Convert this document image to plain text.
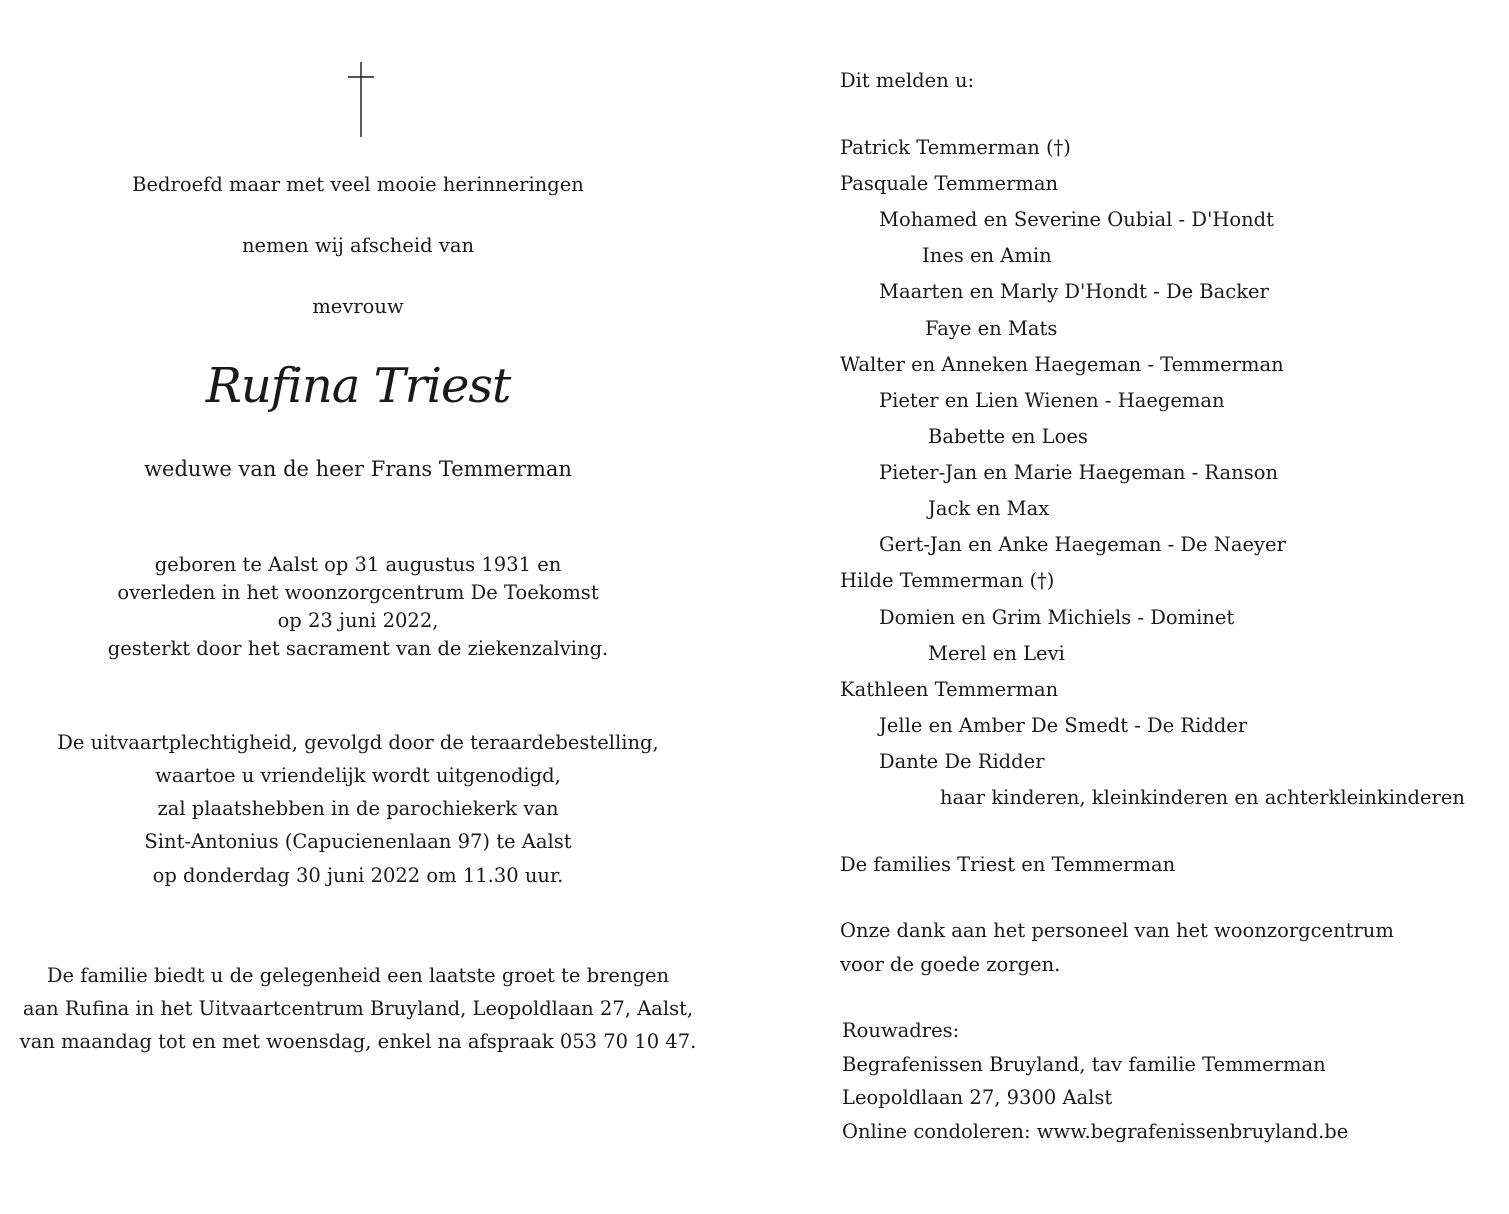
Bedroefd maar met veel mooie herinneringen
nemen wij afscheid van
mevrouw
Rufina Triest
weduwe van de heer Frans Temmerman
geboren te Aalst op 31 augustus 1931 en
overleden in het woonzorgcentrum De Toekomst
op 23 juni 2022,
gesterkt door het sacrament van de ziekenzalving.
De uitvaartplechtigheid, gevolgd door de teraardebestelling,
waartoe u vriendelijk wordt uitgenodigd,
zal plaatshebben in de parochiekerk van
Sint-Antonius (Capucienenlaan 97) te Aalst
op donderdag 30 juni 2022 om 11.30 uur.
De familie biedt u de gelegenheid een laatste groet te brengen
aan Rufina in het Uitvaartcentrum Bruyland, Leopoldlaan 27, Aalst,
van maandag tot en met woensdag, enkel na afspraak 053 70 10 47.
Dit melden u:
Patrick Temmerman (†)
Pasquale Temmerman
Mohamed en Severine Oubial - D'Hondt
Ines en Amin
Maarten en Marly D'Hondt - De Backer
Faye en Mats
Walter en Anneken Haegeman - Temmerman
Pieter en Lien Wienen - Haegeman
Babette en Loes
Pieter-Jan en Marie Haegeman - Ranson
Jack en Max
Gert-Jan en Anke Haegeman - De Naeyer
Hilde Temmerman (†)
Domien en Grim Michiels - Dominet
Merel en Levi
Kathleen Temmerman
Jelle en Amber De Smedt - De Ridder
Dante De Ridder
haar kinderen, kleinkinderen en achterkleinkinderen
De families Triest en Temmerman
Onze dank aan het personeel van het woonzorgcentrum
voor de goede zorgen.
Rouwadres:
Begrafenissen Bruyland, tav familie Temmerman
Leopoldlaan 27, 9300 Aalst
Online condoleren: www.begrafenissenbruyland.be
